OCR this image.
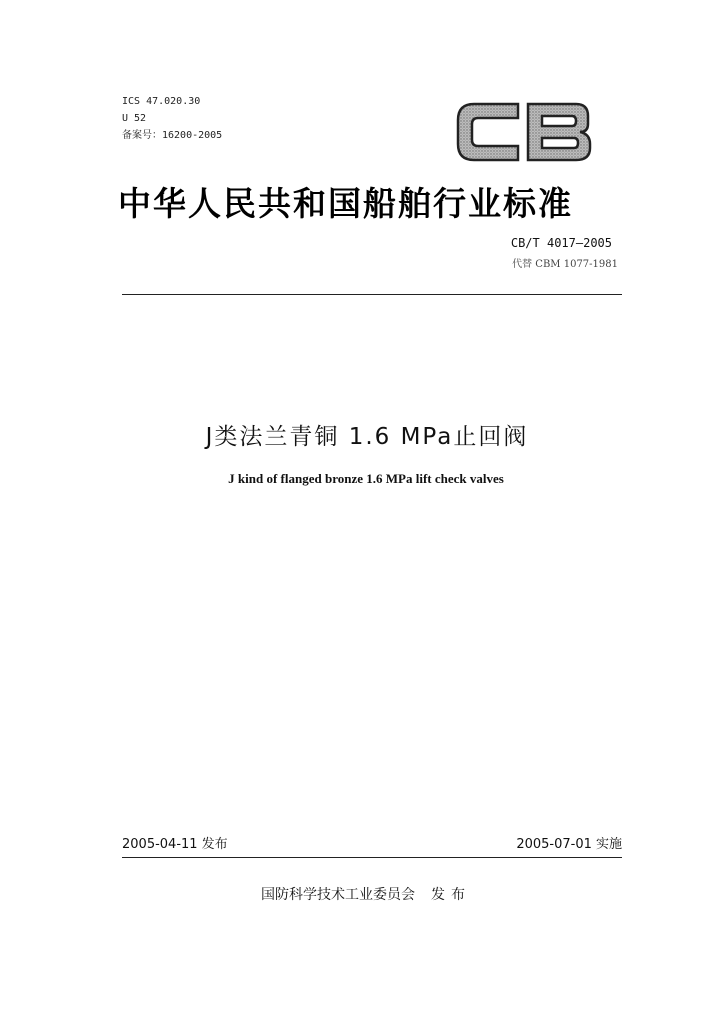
ICS 47.020.30
U 52
备案号：16200-2005
中华人民共和国船舶行业标准
CB/T 4017—2005
代替 CBM 1077-1981
J类法兰青铜 1.6 MPa止回阀
J kind of flanged bronze 1.6 MPa lift check valves
2005-04-11 发布	2005-07-01 实施
国防科学技术工业委员会 发布
